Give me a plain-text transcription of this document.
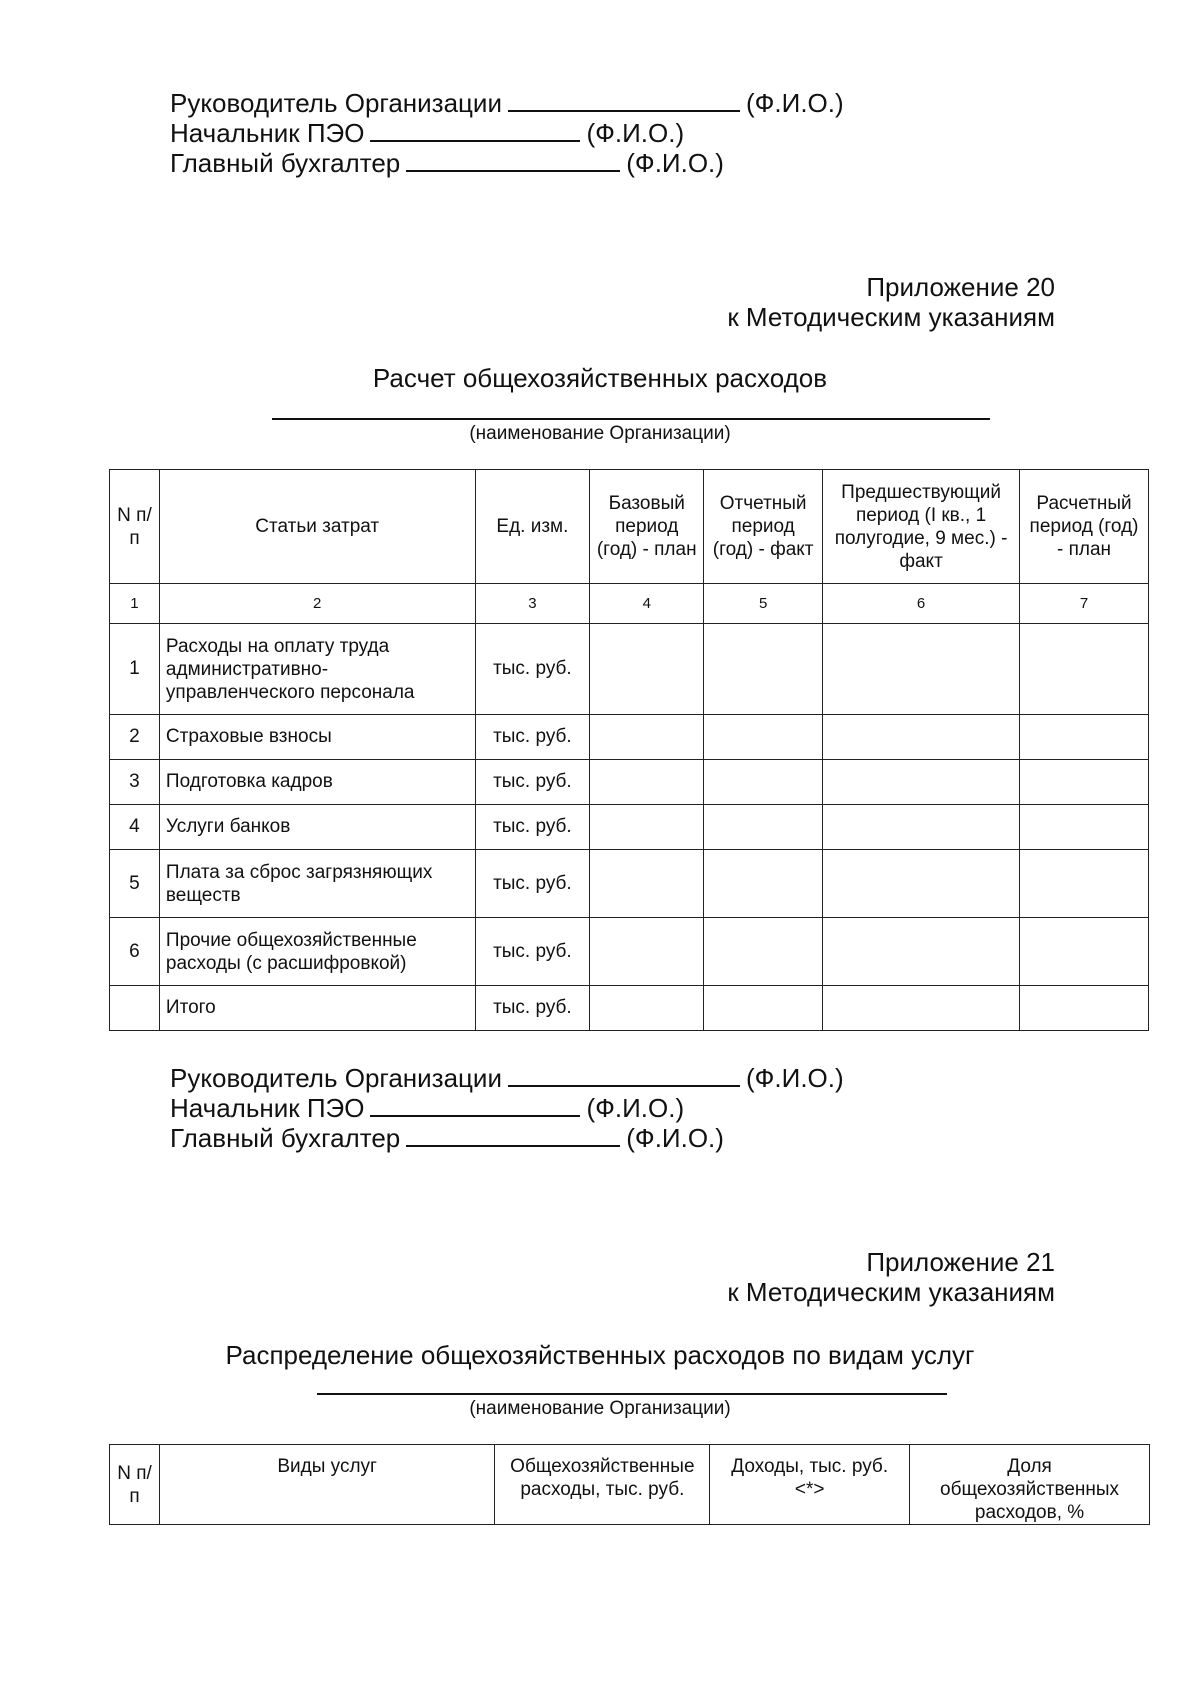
Руководитель Организации	(Ф.И.О.)
Начальник ПЭО	(Ф.И.О.)
Главный бухгалтер	(Ф.И.О.)
Приложение 20
к Методическим указаниям
Расчет общехозяйственных расходов
(наименование Организации)
N п/п	Статьи затрат	Ед. изм.	Базовый период (год) - план	Отчетный период (год) - факт	Предшествующий период (I кв., 1 полугодие, 9 мес.) - факт	Расчетный период (год) - план
1	2	3	4	5	6	7
1	Расходы на оплату труда административно-управленческого персонала	тыс. руб.				
2	Страховые взносы	тыс. руб.				
3	Подготовка кадров	тыс. руб.				
4	Услуги банков	тыс. руб.				
5	Плата за сброс загрязняющих веществ	тыс. руб.				
6	Прочие общехозяйственные расходы (с расшифровкой)	тыс. руб.				
	Итого	тыс. руб.				
Руководитель Организации	(Ф.И.О.)
Начальник ПЭО	(Ф.И.О.)
Главный бухгалтер	(Ф.И.О.)
Приложение 21
к Методическим указаниям
Распределение общехозяйственных расходов по видам услуг
(наименование Организации)
N п/п	Виды услуг	Общехозяйственные расходы, тыс. руб.	Доходы, тыс. руб. <*>	Доля общехозяйственных расходов, %
